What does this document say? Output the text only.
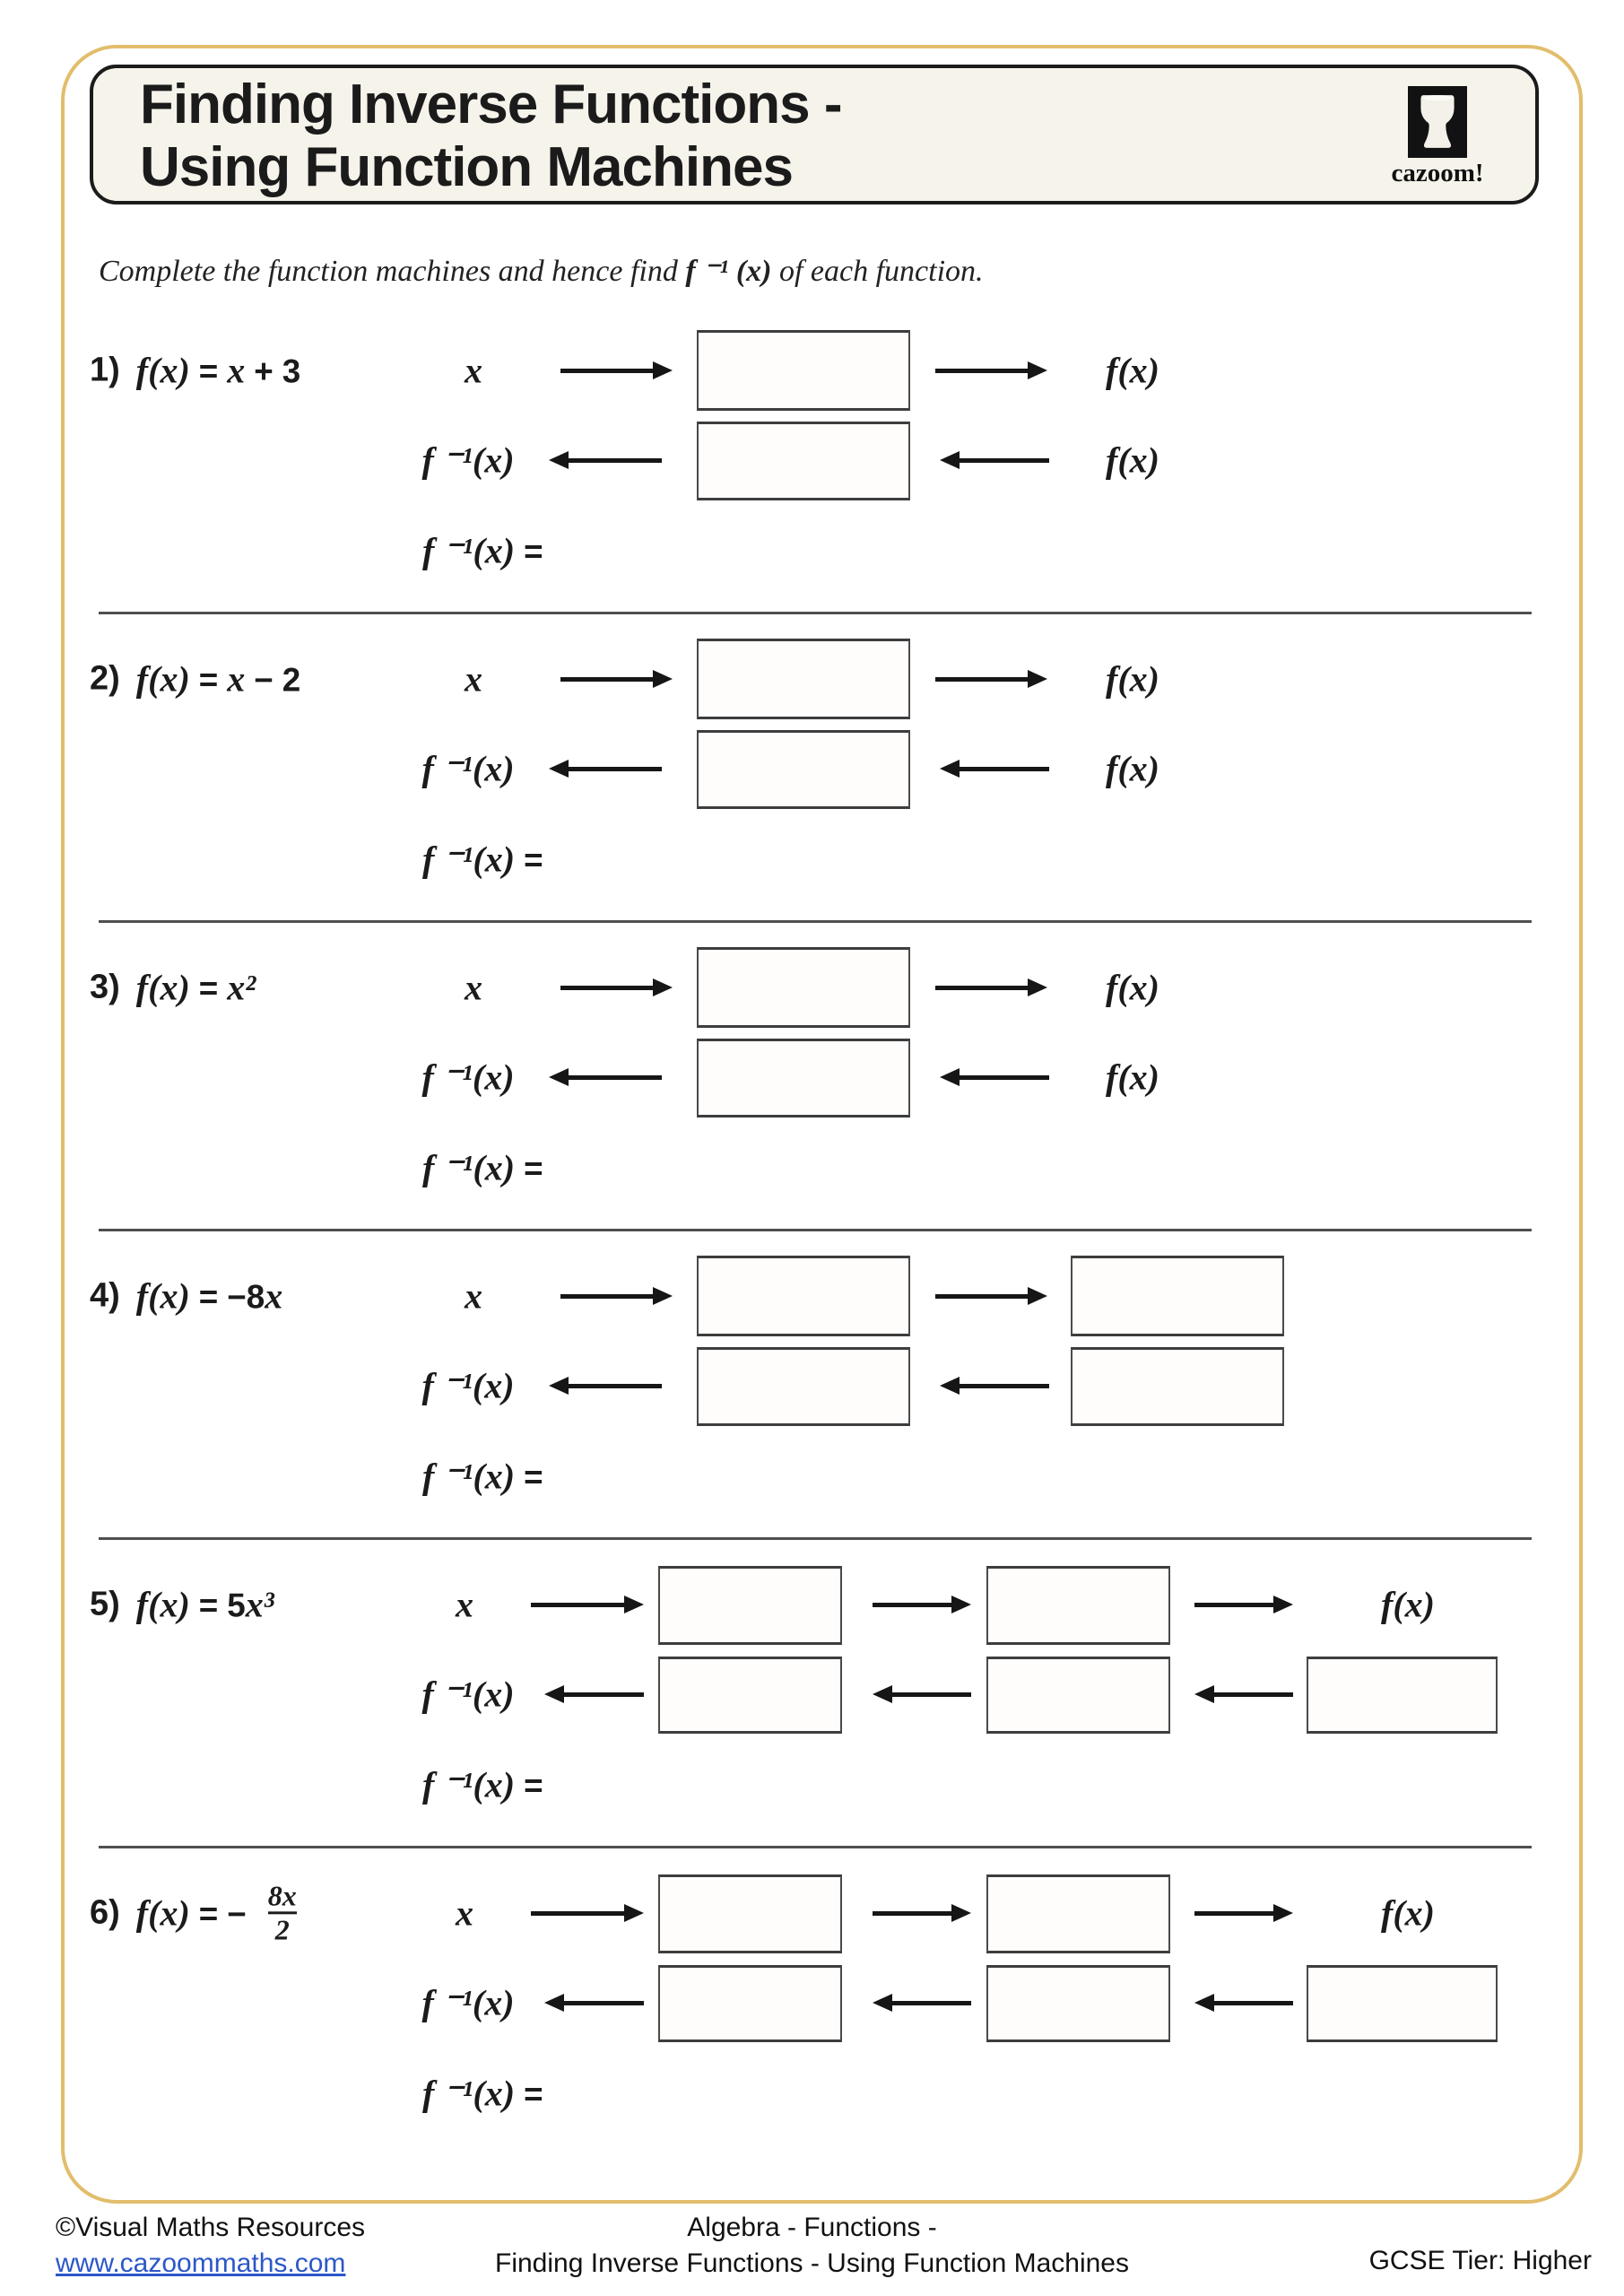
Finding Inverse Functions -
Using Function Machines	cazoom!
Complete the function machines and hence find f ⁻¹ (x) of each function.
1) f(x) = x + 3	x	f(x)
f ⁻¹(x)	f(x)
f ⁻¹(x) =
2) f(x) = x − 2	x	f(x)
f ⁻¹(x)	f(x)
f ⁻¹(x) =
3) f(x) = x²	x	f(x)
f ⁻¹(x)	f(x)
f ⁻¹(x) =
4) f(x) = −8x	x
f ⁻¹(x)
f ⁻¹(x) =
5) f(x) = 5x³	x	f(x)
f ⁻¹(x)
f ⁻¹(x) =
6) f(x) = − $\frac{8x}{2}$	x	f(x)
f ⁻¹(x)
f ⁻¹(x) =
©Visual Maths Resources
www.cazoommaths.com
Algebra - Functions -
Finding Inverse Functions - Using Function Machines	GCSE Tier: Higher
